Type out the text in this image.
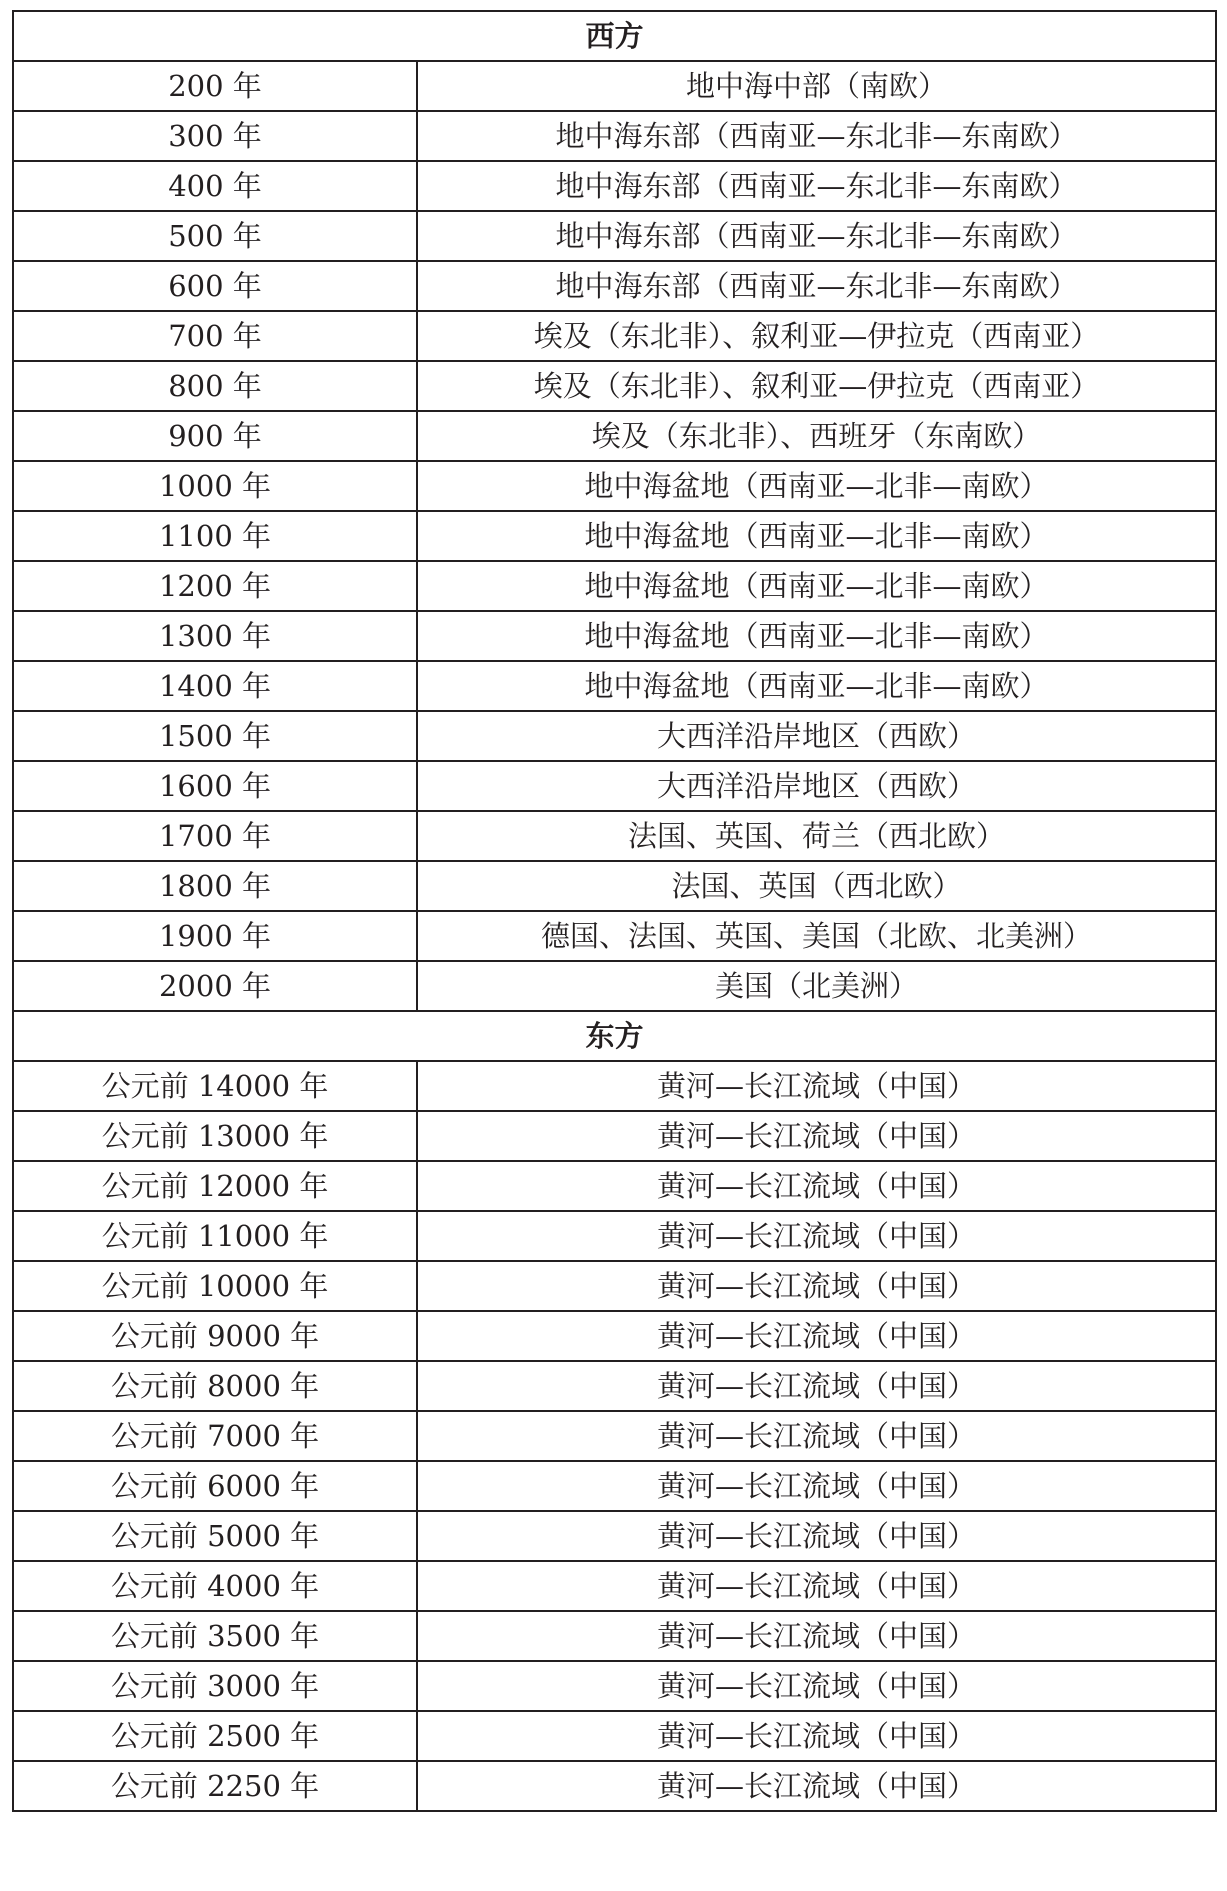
西方	
200 年	地中海中部（南欧）
300 年	地中海东部（西南亚—东北非—东南欧）
400 年	地中海东部（西南亚—东北非—东南欧）
500 年	地中海东部（西南亚—东北非—东南欧）
600 年	地中海东部（西南亚—东北非—东南欧）
700 年	埃及（东北非）、叙利亚—伊拉克（西南亚）
800 年	埃及（东北非）、叙利亚—伊拉克（西南亚）
900 年	埃及（东北非）、西班牙（东南欧）
1000 年	地中海盆地（西南亚—北非—南欧）
1100 年	地中海盆地（西南亚—北非—南欧）
1200 年	地中海盆地（西南亚—北非—南欧）
1300 年	地中海盆地（西南亚—北非—南欧）
1400 年	地中海盆地（西南亚—北非—南欧）
1500 年	大西洋沿岸地区（西欧）
1600 年	大西洋沿岸地区（西欧）
1700 年	法国、英国、荷兰（西北欧）
1800 年	法国、英国（西北欧）
1900 年	德国、法国、英国、美国（北欧、北美洲）
2000 年	美国（北美洲）
东方	
公元前 14000 年	黄河—长江流域（中国）
公元前 13000 年	黄河—长江流域（中国）
公元前 12000 年	黄河—长江流域（中国）
公元前 11000 年	黄河—长江流域（中国）
公元前 10000 年	黄河—长江流域（中国）
公元前 9000 年	黄河—长江流域（中国）
公元前 8000 年	黄河—长江流域（中国）
公元前 7000 年	黄河—长江流域（中国）
公元前 6000 年	黄河—长江流域（中国）
公元前 5000 年	黄河—长江流域（中国）
公元前 4000 年	黄河—长江流域（中国）
公元前 3500 年	黄河—长江流域（中国）
公元前 3000 年	黄河—长江流域（中国）
公元前 2500 年	黄河—长江流域（中国）
公元前 2250 年	黄河—长江流域（中国）
